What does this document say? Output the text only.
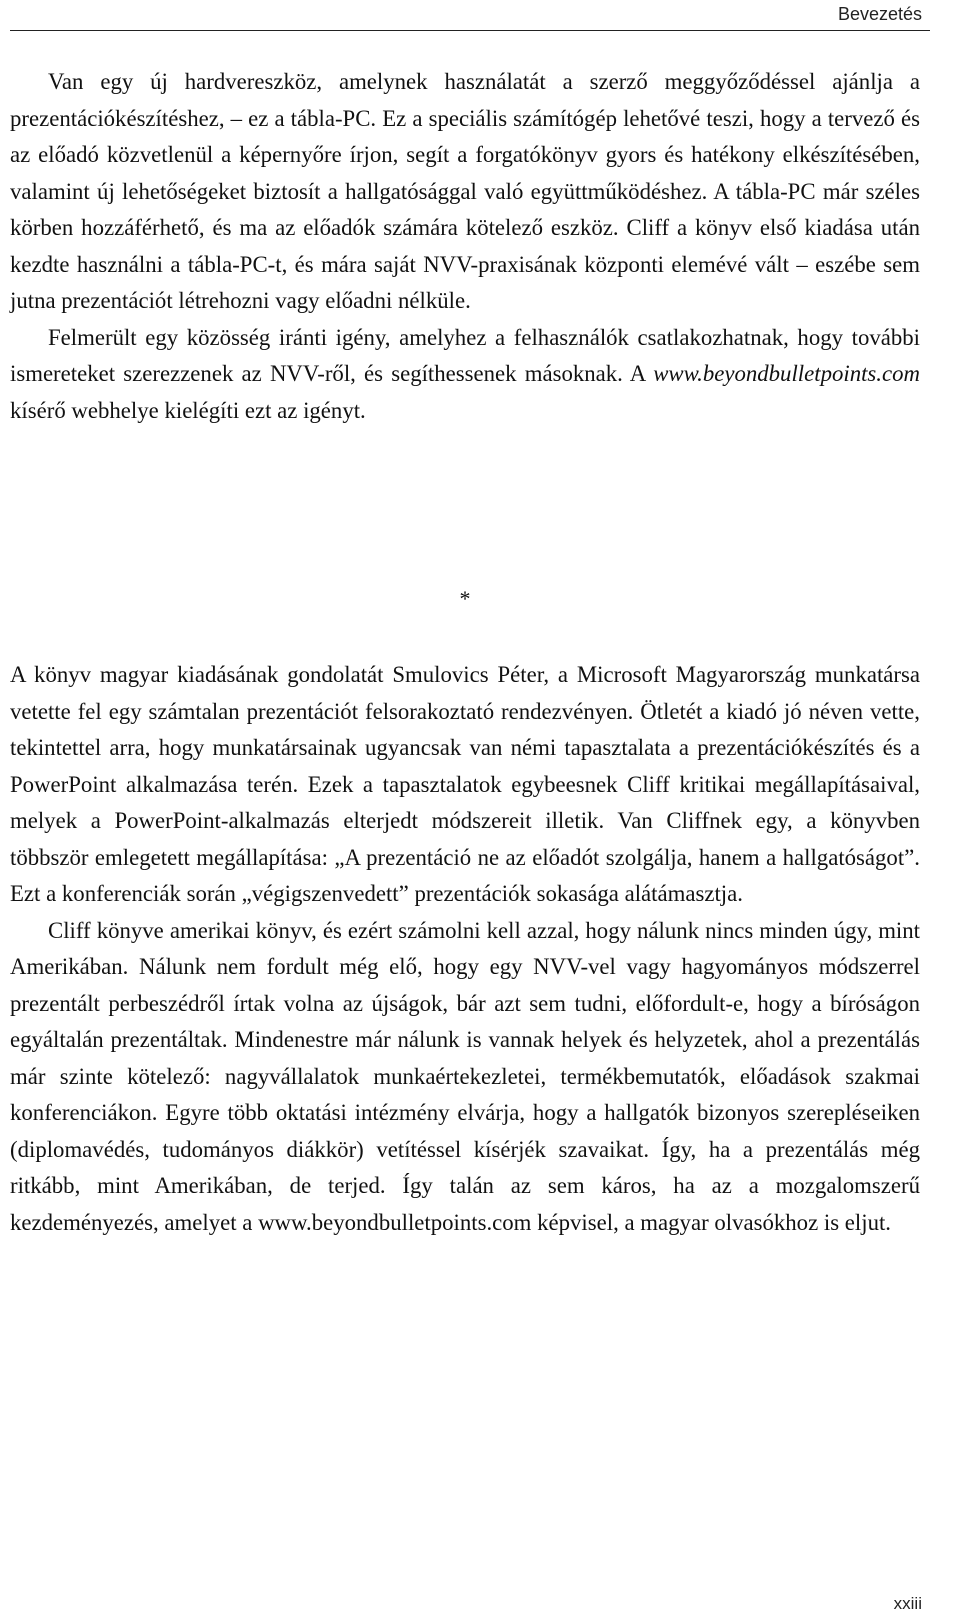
Bevezetés

Van egy új hardvereszköz, amelynek használatát a szerző meggyőződéssel ajánlja a prezentációkészítéshez, – ez a tábla-PC. Ez a speciális számítógép lehetővé teszi, hogy a tervező és az előadó közvetlenül a képernyőre írjon, segít a forgatókönyv gyors és hatékony elkészítésében, valamint új lehetőségeket biztosít a hallgatósággal való együttműködéshez. A tábla-PC már széles körben hozzáférhető, és ma az előadók számára kötelező eszköz. Cliff a könyv első kiadása után kezdte használni a tábla-PC-t, és mára saját NVV-praxisának központi elemévé vált – eszébe sem jutna prezentációt létrehozni vagy előadni nélküle.

Felmerült egy közösség iránti igény, amelyhez a felhasználók csatlakozhatnak, hogy további ismereteket szerezzenek az NVV-ről, és segíthessenek másoknak. A www.beyondbulletpoints.com kísérő webhelye kielégíti ezt az igényt.

*

A könyv magyar kiadásának gondolatát Smulovics Péter, a Microsoft Magyarország munkatársa vetette fel egy számtalan prezentációt felsorakoztató rendezvényen. Ötletét a kiadó jó néven vette, tekintettel arra, hogy munkatársainak ugyancsak van némi tapasztalata a prezentációkészítés és a PowerPoint alkalmazása terén. Ezek a tapasztalatok egybeesnek Cliff kritikai megállapításaival, melyek a PowerPoint-alkalmazás elterjedt módszereit illetik. Van Cliffnek egy, a könyvben többször emlegetett megállapítása: „A prezentáció ne az előadót szolgálja, hanem a hallgatóságot”. Ezt a konferenciák során „végigszenvedett” prezentációk sokasága alátámasztja.

Cliff könyve amerikai könyv, és ezért számolni kell azzal, hogy nálunk nincs minden úgy, mint Amerikában. Nálunk nem fordult még elő, hogy egy NVV-vel vagy hagyományos módszerrel prezentált perbeszédről írtak volna az újságok, bár azt sem tudni, előfordult-e, hogy a bíróságon egyáltalán prezentáltak. Mindenestre már nálunk is vannak helyek és helyzetek, ahol a prezentálás már szinte kötelező: nagyvállalatok munkaértekezletei, termékbemutatók, előadások szakmai konferenciákon. Egyre több oktatási intézmény elvárja, hogy a hallgatók bizonyos szerepléseiken (diplomavédés, tudományos diákkör) vetítéssel kísérjék szavaikat. Így, ha a prezentálás még ritkább, mint Amerikában, de terjed. Így talán az sem káros, ha az a mozgalomszerű kezdeményezés, amelyet a www.beyondbulletpoints.com képvisel, a magyar olvasókhoz is eljut.

xxiii
